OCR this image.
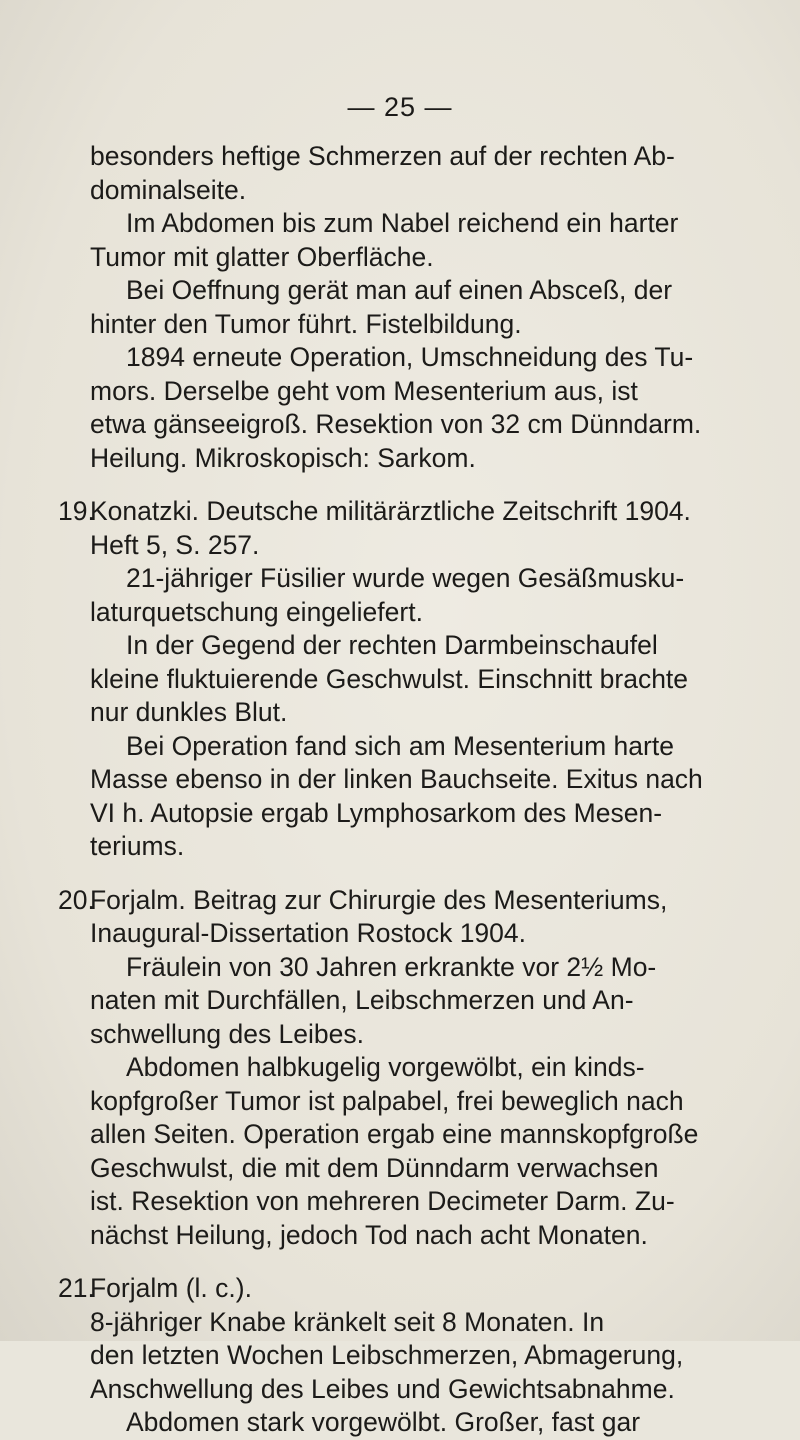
— 25 —
besonders heftige Schmerzen auf der rechten Ab-
dominalseite.
Im Abdomen bis zum Nabel reichend ein harter
Tumor mit glatter Oberfläche.
Bei Oeffnung gerät man auf einen Absceß, der
hinter den Tumor führt. Fistelbildung.
1894 erneute Operation, Umschneidung des Tu-
mors. Derselbe geht vom Mesenterium aus, ist
etwa gänseeigroß. Resektion von 32 cm Dünndarm.
Heilung. Mikroskopisch: Sarkom.
19.Konatzki. Deutsche militärärztliche Zeitschrift 1904.
Heft 5, S. 257.
21-jähriger Füsilier wurde wegen Gesäßmusku-
laturquetschung eingeliefert.
In der Gegend der rechten Darmbeinschaufel
kleine fluktuierende Geschwulst. Einschnitt brachte
nur dunkles Blut.
Bei Operation fand sich am Mesenterium harte
Masse ebenso in der linken Bauchseite. Exitus nach
VI h. Autopsie ergab Lymphosarkom des Mesen-
teriums.
20.Forjalm. Beitrag zur Chirurgie des Mesenteriums,
Inaugural-Dissertation Rostock 1904.
Fräulein von 30 Jahren erkrankte vor 2½ Mo-
naten mit Durchfällen, Leibschmerzen und An-
schwellung des Leibes.
Abdomen halbkugelig vorgewölbt, ein kinds-
kopfgroßer Tumor ist palpabel, frei beweglich nach
allen Seiten. Operation ergab eine mannskopfgroße
Geschwulst, die mit dem Dünndarm verwachsen
ist. Resektion von mehreren Decimeter Darm. Zu-
nächst Heilung, jedoch Tod nach acht Monaten.
21.Forjalm (l. c.).
8-jähriger Knabe kränkelt seit 8 Monaten. In
den letzten Wochen Leibschmerzen, Abmagerung,
Anschwellung des Leibes und Gewichtsabnahme.
Abdomen stark vorgewölbt. Großer, fast gar
